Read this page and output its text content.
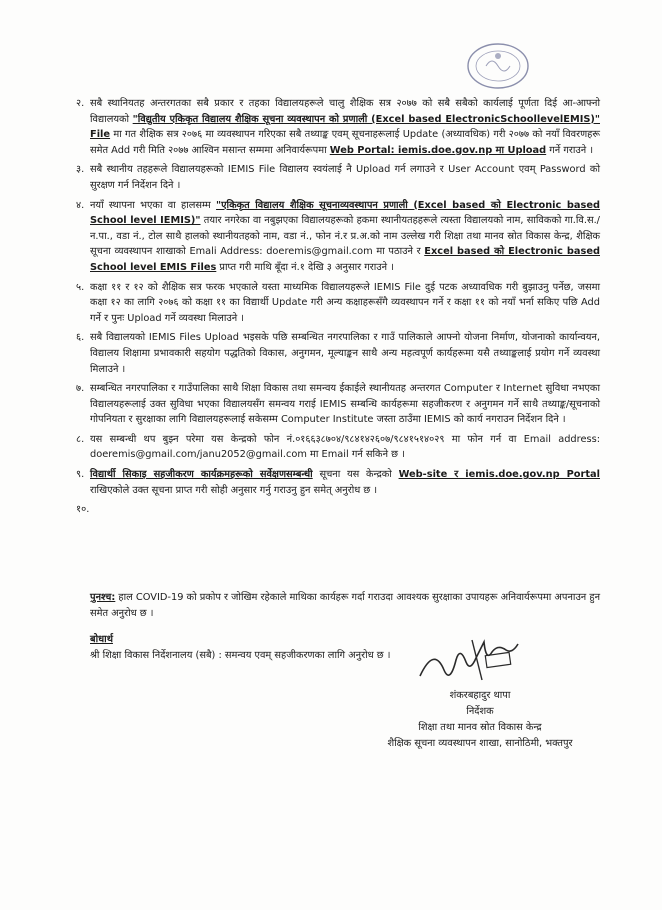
२. सबै स्थानियतह अन्तरगतका सबै प्रकार र तहका विद्यालयहरूले चालु शैक्षिक सत्र २०७७ को सबै सबैको कार्यलाई पूर्णता दिई आ-आफ्नो विद्यालयको "विद्युतीय एकिकृत विद्यालय शैक्षिक सूचना व्यवस्थापन को प्रणाली (Excel based ElectronicSchoollevelEMIS)" File मा गत शैक्षिक सत्र २०७६ मा व्यवस्थापन गरिएका सबै तथ्याङ्क एवम् सूचनाहरूलाई Update (अध्यावधिक) गरी २०७७ को नयाँ विवरणहरू समेत Add गरी मिति २०७७ आश्विन मसान्त सम्ममा अनिवार्यरूपमा Web Portal: iemis.doe.gov.np मा Upload गर्ने गराउने ।
३. सबै स्थानीय तहहरूले विद्यालयहरूको IEMIS File विद्यालय स्वयंलाई नै Upload गर्न लगाउने र User Account एवम् Password को सुरक्षण गर्न निर्देशन दिने ।
४. नयाँ स्थापना भएका वा हालसम्म "एकिकृत विद्यालय शैक्षिक सूचनाव्यवस्थापन प्रणाली (Excel based को Electronic based School level IEMIS)" तयार नगरेका वा नबुझएका विद्यालयहरूको हकमा स्थानीयतहहरूले त्यस्ता विद्यालयको नाम, साविकको गा.वि.स./न.पा., वडा नं., टोल साथै हालको स्थानीयतहको नाम, वडा नं., फोन नं.र प्र.अ.को नाम उल्लेख गरी शिक्षा तथा मानव स्रोत विकास केन्द्र, शैक्षिक सूचना व्यवस्थापन शाखाको Emali Address: doeremis@gmail.com मा पठाउने र Excel based को Electronic based School level EMIS Files प्राप्त गरी माथि बूँदा नं.१ देखि ३ अनुसार गराउने ।
५. कक्षा ११ र १२ को शैक्षिक सत्र फरक भएकाले यस्ता माध्यमिक विद्यालयहरूले IEMIS File दुई पटक अध्यावधिक गरी बुझाउनु पर्नेछ, जसमा कक्षा १२ का लागि २०७६ को कक्षा ११ का विद्यार्थी Update गरी अन्य कक्षाहरूसँगै व्यवस्थापन गर्ने र कक्षा ११ को नयाँ भर्ना सकिए पछि Add गर्ने र पुनः Upload गर्ने व्यवस्था मिलाउने ।
६. सबै विद्यालयको IEMIS Files Upload भइसके पछि सम्बन्धित नगरपालिका र गाउँ पालिकाले आफ्नो योजना निर्माण, योजनाको कार्यान्वयन, विद्यालय शिक्षामा प्रभावकारी सहयोग पद्धतिको विकास, अनुगमन, मूल्याङ्कन साथै अन्य महत्वपूर्ण कार्यहरूमा यसै तथ्याङ्कलाई प्रयोग गर्ने व्यवस्था मिलाउने ।
७. सम्बन्धित नगरपालिका र गाउँपालिका साथै शिक्षा विकास तथा समन्वय ईकाईले स्थानीयतह अन्तरगत Computer र Internet सुविधा नभएका विद्यालयहरूलाई उक्त सुविधा भएका विद्यालयसँग समन्वय गराई IEMIS सम्बन्धि कार्यहरूमा सहजीकरण र अनुगमन गर्ने साथै तथ्याङ्क/सूचनाको गोपनियता र सुरक्षाका लागि विद्यालयहरूलाई सकेसम्म Computer Institute जस्ता ठाउँमा IEMIS को कार्य नगराउन निर्देशन दिने ।
८. यस सम्बन्धी थप बुझ्न परेमा यस केन्द्रको फोन नं.०१६६३८७०४/९८४१४२६०७/९८४१५१४०२९ मा फोन गर्न वा Email address: doeremis@gmail.com/janu2052@gmail.com मा Email गर्न सकिने छ ।
९. विद्यार्थी सिकाइ सहजीकरण कार्यक्रमहरूको सर्वेक्षणसम्बन्धी सूचना यस केन्द्रको Web-site र iemis.doe.gov.np Portal राखिएकोले उक्त सूचना प्राप्त गरी सोही अनुसार गर्नु गराउनु हुन समेत् अनुरोध छ ।
१०.
पुनश्च: हाल COVID-19 को प्रकोप र जोखिम रहेकाले माथिका कार्यहरू गर्दा गराउदा आवश्यक सुरक्षाका उपायहरू अनिवार्यरूपमा अपनाउन हुन समेत अनुरोध छ ।
बोधार्थ
श्री शिक्षा विकास निर्देशनालय (सबै) : समन्वय एवम् सहजीकरणका लागि अनुरोध छ ।
शंकरबहादुर थापा
निर्देशक
शिक्षा तथा मानव स्रोत विकास केन्द्र
शैक्षिक सूचना व्यवस्थापन शाखा, सानोठिमी, भक्तपुर
